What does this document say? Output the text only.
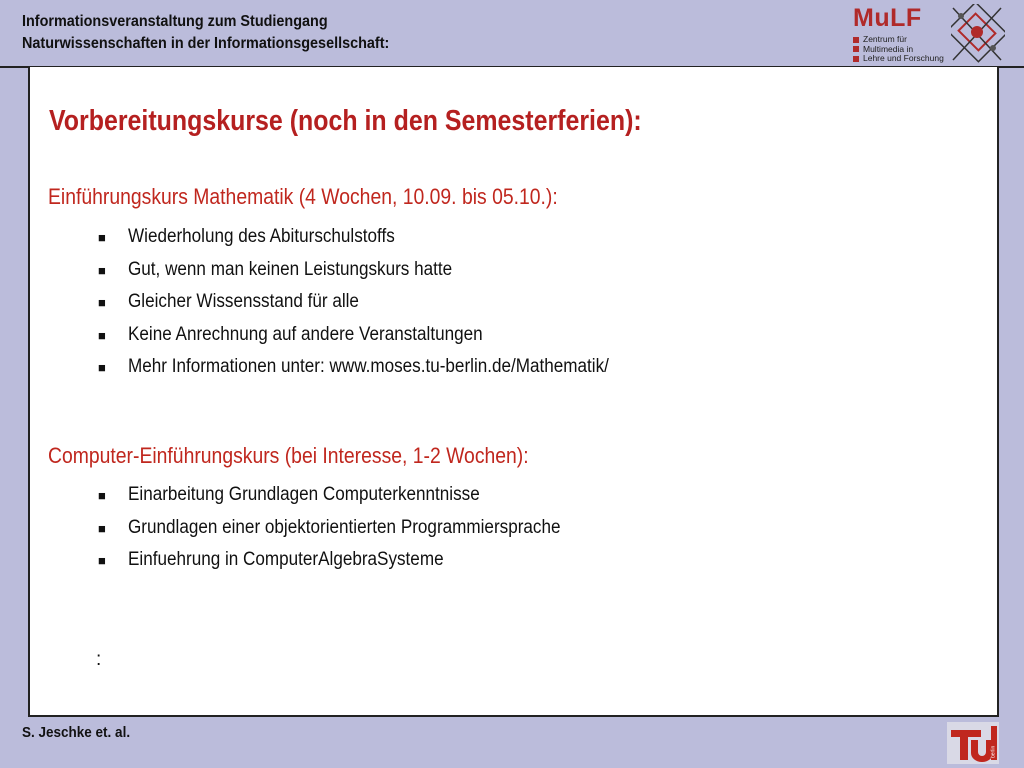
Informationsveranstaltung zum Studiengang
Naturwissenschaften in der Informationsgesellschaft:
MuLF
Zentrum für
Multimedia in
Lehre und Forschung
Vorbereitungskurse (noch in den Semesterferien):
Einführungskurs Mathematik (4 Wochen, 10.09. bis 05.10.):
■	Wiederholung des Abiturschulstoffs
■	Gut, wenn man keinen Leistungskurs hatte
■	Gleicher Wissensstand für alle
■	Keine Anrechnung auf andere Veranstaltungen
■	Mehr Informationen unter: www.moses.tu-berlin.de/Mathematik/
Computer-Einführungskurs (bei Interesse, 1-2 Wochen):
■	Einarbeitung Grundlagen Computerkenntnisse
■	Grundlagen einer objektorientierten Programmiersprache
■	Einfuehrung in ComputerAlgebraSysteme
:
S. Jeschke et. al.
berlin
